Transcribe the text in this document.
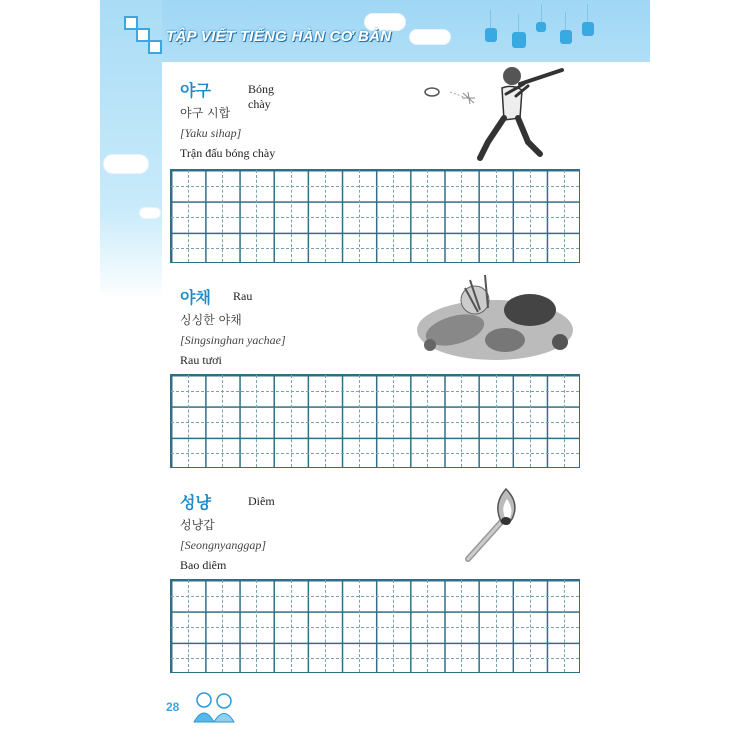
TẬP VIẾT TIẾNG HÀN CƠ BẢN
야구	Bóng chày
야구 시합
[Yaku sihap]
Trận đấu bóng chày
야채	Rau
싱싱한 야채
[Singsinghan yachae]
Rau tươi
성냥	Diêm
성냥갑
[Seongnyanggap]
Bao diêm
28
